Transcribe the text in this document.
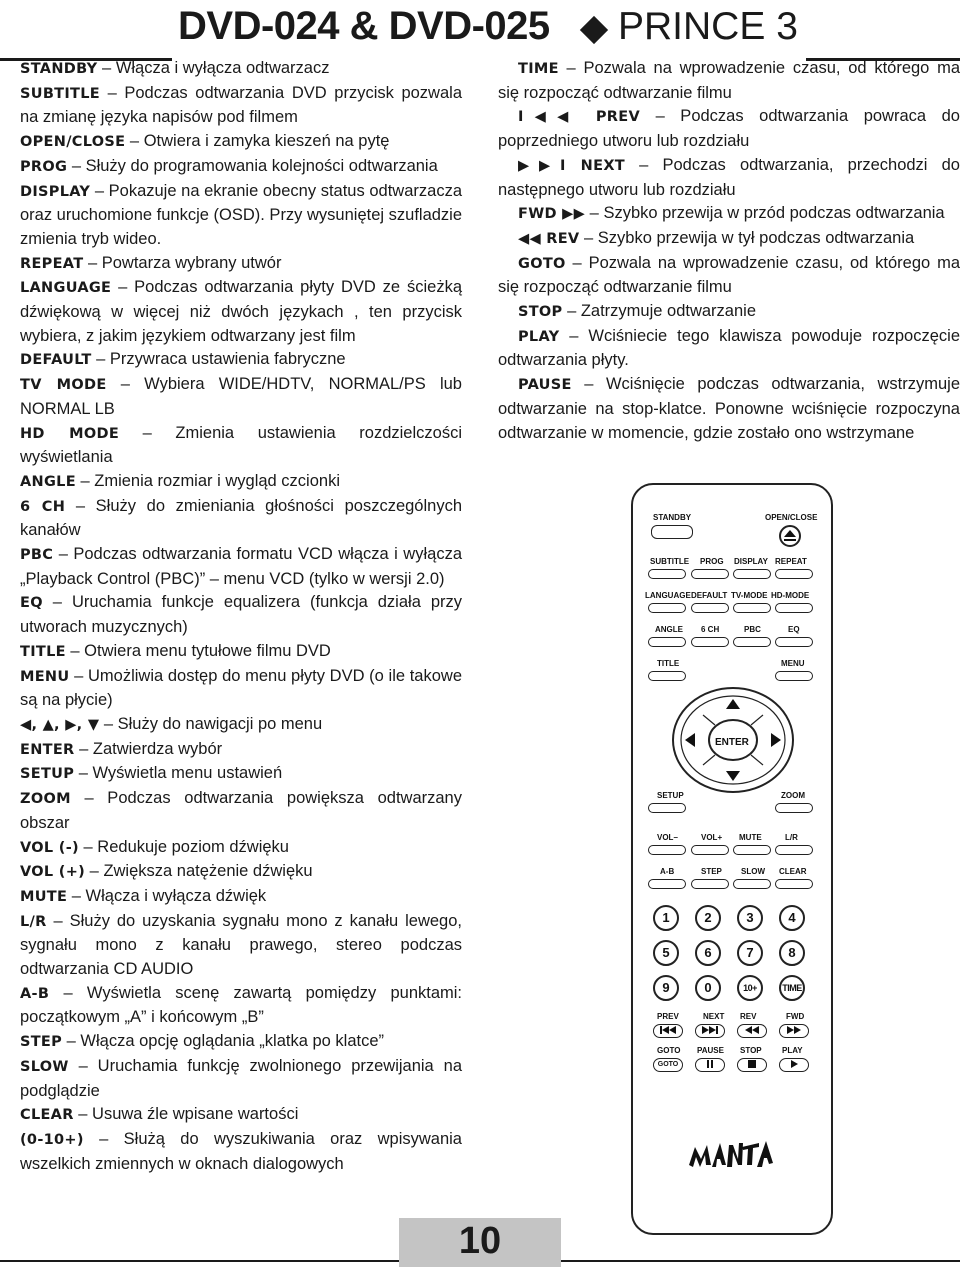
DVD-024 & DVD-025 PRINCE 3
STANDBY – Włącza i wyłącza odtwarzacz
SUBTITLE – Podczas odtwarzania DVD przycisk pozwala na zmianę języka napisów pod filmem
OPEN/CLOSE – Otwiera i zamyka kieszeń na pytę
PROG – Służy do programowania kolejności odtwarzania
DISPLAY – Pokazuje na ekranie obecny status odtwarzacza oraz uruchomione funkcje (OSD). Przy wysuniętej szufladzie zmienia tryb wideo.
REPEAT – Powtarza wybrany utwór
LANGUAGE – Podczas odtwarzania płyty DVD ze ścieżką dźwiękową w więcej niż dwóch językach , ten przycisk wybiera, z jakim językiem odtwarzany jest film
DEFAULT – Przywraca ustawienia fabryczne
TV MODE – Wybiera WIDE/HDTV, NORMAL/PS lub NORMAL LB
HD MODE – Zmienia ustawienia rozdzielczości wyświetlania
ANGLE – Zmienia rozmiar i wygląd czcionki
6 CH – Służy do zmieniania głośności poszczególnych kanałów
PBC – Podczas odtwarzania formatu VCD włącza i wyłącza „Playback Control (PBC)” – menu VCD (tylko w wersji 2.0)
EQ – Uruchamia funkcje equalizera (funkcja działa przy utworach muzycznych)
TITLE – Otwiera menu tytułowe filmu DVD
MENU – Umożliwia dostęp do menu płyty DVD (o ile takowe są na płycie)
◀, ▲, ▶, ▼ – Służy do nawigacji po menu
ENTER – Zatwierdza wybór
SETUP – Wyświetla menu ustawień
ZOOM – Podczas odtwarzania powiększa odtwarzany obszar
VOL (-) – Redukuje poziom dźwięku
VOL (+) – Zwiększa natężenie dźwięku
MUTE – Włącza i wyłącza dźwięk
L/R – Służy do uzyskania sygnału mono z kanału lewego, sygnału mono z kanału prawego, stereo podczas odtwarzania CD AUDIO
A-B – Wyświetla scenę zawartą pomiędzy punktami: początkowym „A” i końcowym „B”
STEP – Włącza opcję oglądania „klatka po klatce”
SLOW – Uruchamia funkcję zwolnionego przewijania na podglądzie
CLEAR – Usuwa źle wpisane wartości
(0-10+) – Służą do wyszukiwania oraz wpisywania wszelkich zmiennych w oknach dialogowych
TIME – Pozwala na wprowadzenie czasu, od którego ma się rozpocząć odtwarzanie filmu
I◀◀ PREV – Podczas odtwarzania powraca do poprzedniego utworu lub rozdziału
▶▶I NEXT – Podczas odtwarzania, przechodzi do następnego utworu lub rozdziału
FWD ▶▶ – Szybko przewija w przód podczas odtwarzania
◀◀ REV – Szybko przewija w tył podczas odtwarzania
GOTO – Pozwala na wprowadzenie czasu, od którego ma się rozpocząć odtwarzanie filmu
STOP – Zatrzymuje odtwarzanie
PLAY – Wciśniecie tego klawisza powoduje rozpoczęcie odtwarzania płyty.
PAUSE – Wciśnięcie podczas odtwarzania, wstrzymuje odtwarzanie na stop-klatce. Ponowne wciśnięcie rozpoczyna odtwarzanie w momencie, gdzie zostało ono wstrzymane
STANDBY	OPEN/CLOSE
SUBTITLE PROG DISPLAY REPEAT
LANGUAGE DEFAULT TV-MODE HD-MODE
ANGLE 6 CH	PBC	EQ
TITLE	MENU
ENTER
SETUP	ZOOM
VOL–	VOL+ MUTE	L/R
A-B	STEP SLOW CLEAR
1	2	3	4
5	6	7	8
9	0	10+	TIME
PREV	NEXT REV	FWD
GOTO PAUSE STOP	PLAY
GOTO
10
